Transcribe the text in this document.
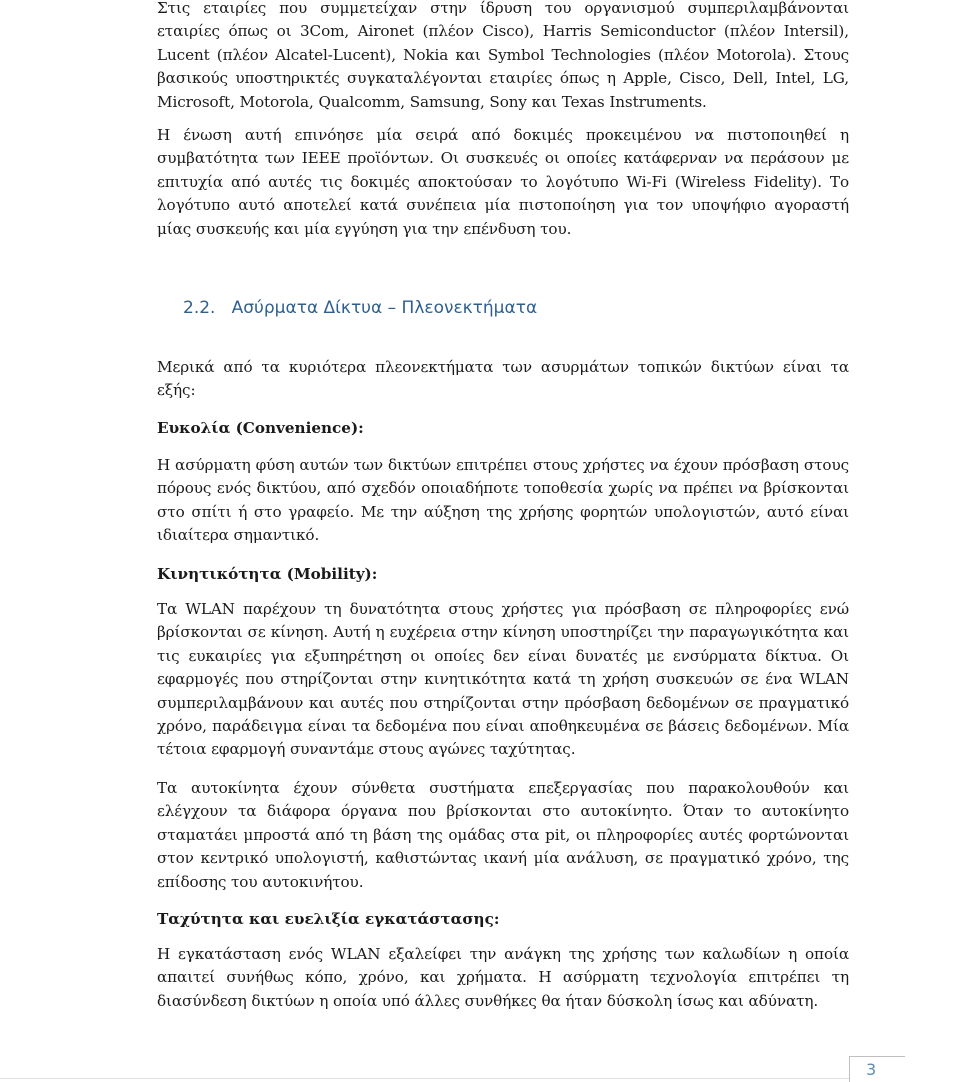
Στις εταιρίες που συμμετείχαν στην ίδρυση του οργανισμού συμπεριλαμβάνονται εταιρίες όπως οι 3Com, Aironet (πλέον Cisco), Harris Semiconductor (πλέον Intersil), Lucent (πλέον Alcatel-Lucent), Nokia και Symbol Technologies (πλέον Motorola). Στους βασικούς υποστηρικτές συγκαταλέγονται εταιρίες όπως η Apple, Cisco, Dell, Intel, LG, Microsoft, Motorola, Qualcomm, Samsung, Sony και Texas Instruments.

Η ένωση αυτή επινόησε μία σειρά από δοκιμές προκειμένου να πιστοποιηθεί η συμβατότητα των IEEE προϊόντων. Οι συσκευές οι οποίες κατάφερναν να περάσουν με επιτυχία από αυτές τις δοκιμές αποκτούσαν το λογότυπο Wi-Fi (Wireless Fidelity). Το λογότυπο αυτό αποτελεί κατά συνέπεια μία πιστοποίηση για τον υποψήφιο αγοραστή μίας συσκευής και μία εγγύηση για την επένδυση του.

Μερικά από τα κυριότερα πλεονεκτήματα των ασυρμάτων τοπικών δικτύων είναι τα εξής:

Ευκολία (Convenience):

Η ασύρματη φύση αυτών των δικτύων επιτρέπει στους χρήστες να έχουν πρόσβαση στους πόρους ενός δικτύου, από σχεδόν οποιαδήποτε τοποθεσία χωρίς να πρέπει να βρίσκονται στο σπίτι ή στο γραφείο. Με την αύξηση της χρήσης φορητών υπολογιστών, αυτό είναι ιδιαίτερα σημαντικό.

Κινητικότητα (Mobility):

Τα WLAN παρέχουν τη δυνατότητα στους χρήστες για πρόσβαση σε πληροφορίες ενώ βρίσκονται σε κίνηση. Αυτή η ευχέρεια στην κίνηση υποστηρίζει την παραγωγικότητα και τις ευκαιρίες για εξυπηρέτηση οι οποίες δεν είναι δυνατές με ενσύρματα δίκτυα. Οι εφαρμογές που στηρίζονται στην κινητικότητα κατά τη χρήση συσκευών σε ένα WLAN συμπεριλαμβάνουν και αυτές που στηρίζονται στην πρόσβαση δεδομένων σε πραγματικό χρόνο, παράδειγμα είναι τα δεδομένα που είναι αποθηκευμένα σε βάσεις δεδομένων. Μία τέτοια εφαρμογή συναντάμε στους αγώνες ταχύτητας.

Τα αυτοκίνητα έχουν σύνθετα συστήματα επεξεργασίας που παρακολουθούν και ελέγχουν τα διάφορα όργανα που βρίσκονται στο αυτοκίνητο. Όταν το αυτοκίνητο σταματάει μπροστά από τη βάση της ομάδας στα pit, οι πληροφορίες αυτές φορτώνονται στον κεντρικό υπολογιστή, καθιστώντας ικανή μία ανάλυση, σε πραγματικό χρόνο, της επίδοσης του αυτοκινήτου.

Ταχύτητα και ευελιξία εγκατάστασης:

Η εγκατάσταση ενός WLAN εξαλείφει την ανάγκη της χρήσης των καλωδίων η οποία απαιτεί συνήθως κόπο, χρόνο, και χρήματα. Η ασύρματη τεχνολογία επιτρέπει τη διασύνδεση δικτύων η οποία υπό άλλες συνθήκες θα ήταν δύσκολη ίσως και αδύνατη.

2.2.   Ασύρματα Δίκτυα – Πλεονεκτήματα
3
